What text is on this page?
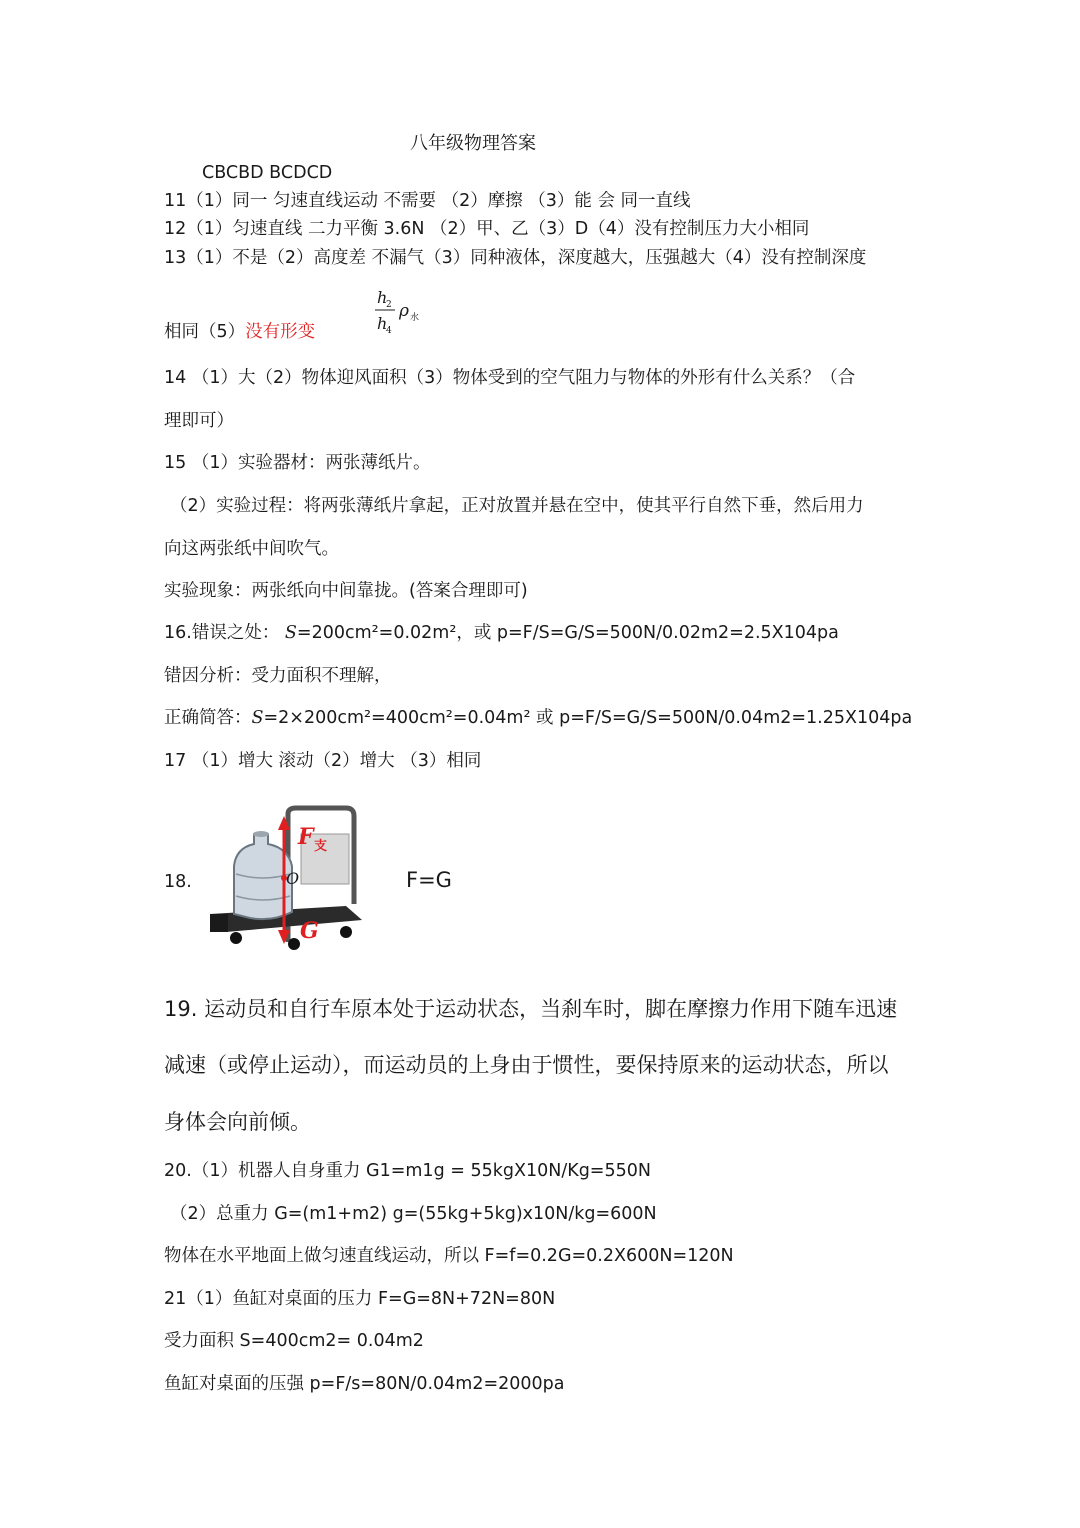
八年级物理答案
CBCBD BCDCD
11（1）同一 匀速直线运动 不需要 （2）摩擦 （3）能 会 同一直线
12（1）匀速直线 二力平衡 3.6N （2）甲、乙（3）D（4）没有控制压力大小相同
13（1）不是（2）高度差 不漏气（3）同种液体，深度越大，压强越大（4）没有控制深度
相同（5）没有形变
h
2
h
4
ρ 水
14 （1）大（2）物体迎风面积（3）物体受到的空气阻力与物体的外形有什么关系？（合
理即可）
15 （1）实验器材：两张薄纸片。
（2）实验过程：将两张薄纸片拿起，正对放置并悬在空中，使其平行自然下垂，然后用力
向这两张纸中间吹气。
实验现象：两张纸向中间靠拢。(答案合理即可)
16.错误之处： S=200cm²=0.02m²，或 p=F/S=G/S=500N/0.02m2=2.5X104pa
错因分析：受力面积不理解，
正确简答：S=2×200cm²=400cm²=0.04m² 或 p=F/S=G/S=500N/0.04m2=1.25X104pa
17 （1）增大 滚动（2）增大 （3）相同
18.
F 支
O
G
F=G
19. 运动员和自行车原本处于运动状态，当刹车时，脚在摩擦力作用下随车迅速
减速（或停止运动），而运动员的上身由于惯性，要保持原来的运动状态，所以
身体会向前倾。
20.（1）机器人自身重力 G1=m1g = 55kgX10N/Kg=550N
（2）总重力 G=(m1+m2) g=(55kg+5kg)x10N/kg=600N
物体在水平地面上做匀速直线运动，所以 F=f=0.2G=0.2X600N=120N
21（1）鱼缸对桌面的压力 F=G=8N+72N=80N
受力面积 S=400cm2= 0.04m2
鱼缸对桌面的压强 p=F/s=80N/0.04m2=2000pa
